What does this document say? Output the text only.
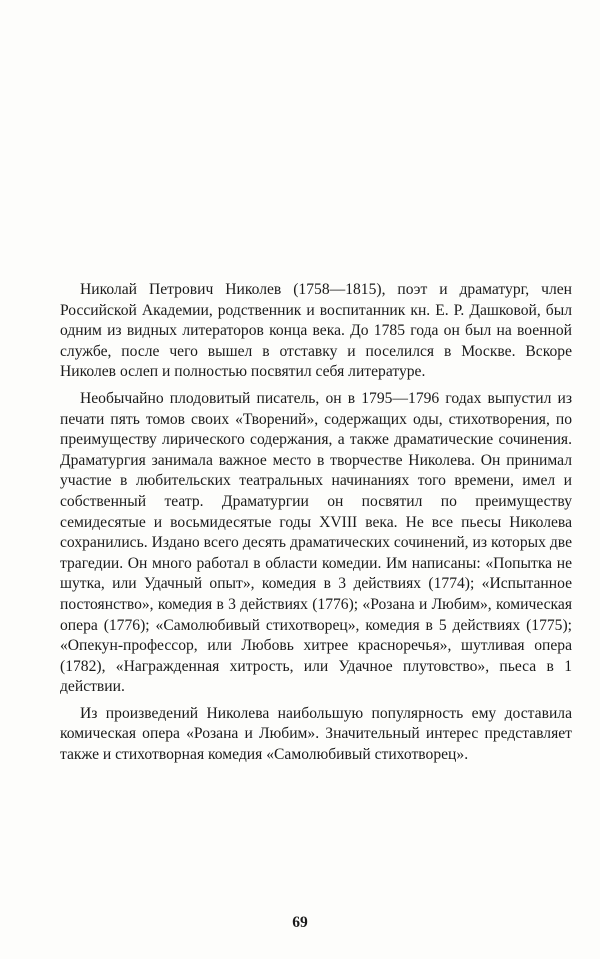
Николай Петрович Николев (1758—1815), поэт и драматург, член Российской Академии, родственник и воспитанник кн. Е. Р. Дашковой, был одним из видных литераторов конца века. До 1785 года он был на военной службе, после чего вышел в отставку и поселился в Москве. Вскоре Николев ослеп и полностью посвятил себя литературе.

Необычайно плодовитый писатель, он в 1795—1796 годах выпустил из печати пять томов своих «Творений», содержащих оды, стихотворения, по преимуществу лирического содержания, а также драматические сочинения. Драматургия занимала важное место в творчестве Николева. Он принимал участие в любительских театральных начинаниях того времени, имел и собственный театр. Драматургии он посвятил по преимуществу семидесятые и восьмидесятые годы XVIII века. Не все пьесы Николева сохранились. Издано всего десять драматических сочинений, из которых две трагедии. Он много работал в области комедии. Им написаны: «Попытка не шутка, или Удачный опыт», комедия в 3 действиях (1774); «Испытанное постоянство», комедия в 3 действиях (1776); «Розана и Любим», комическая опера (1776); «Самолюбивый стихотворец», комедия в 5 действиях (1775); «Опекун-профессор, или Любовь хитрее красноречья», шутливая опера (1782), «Награжденная хитрость, или Удачное плутовство», пьеса в 1 действии.

Из произведений Николева наибольшую популярность ему доставила комическая опера «Розана и Любим». Значительный интерес представляет также и стихотворная комедия «Самолюбивый стихотворец».

69
